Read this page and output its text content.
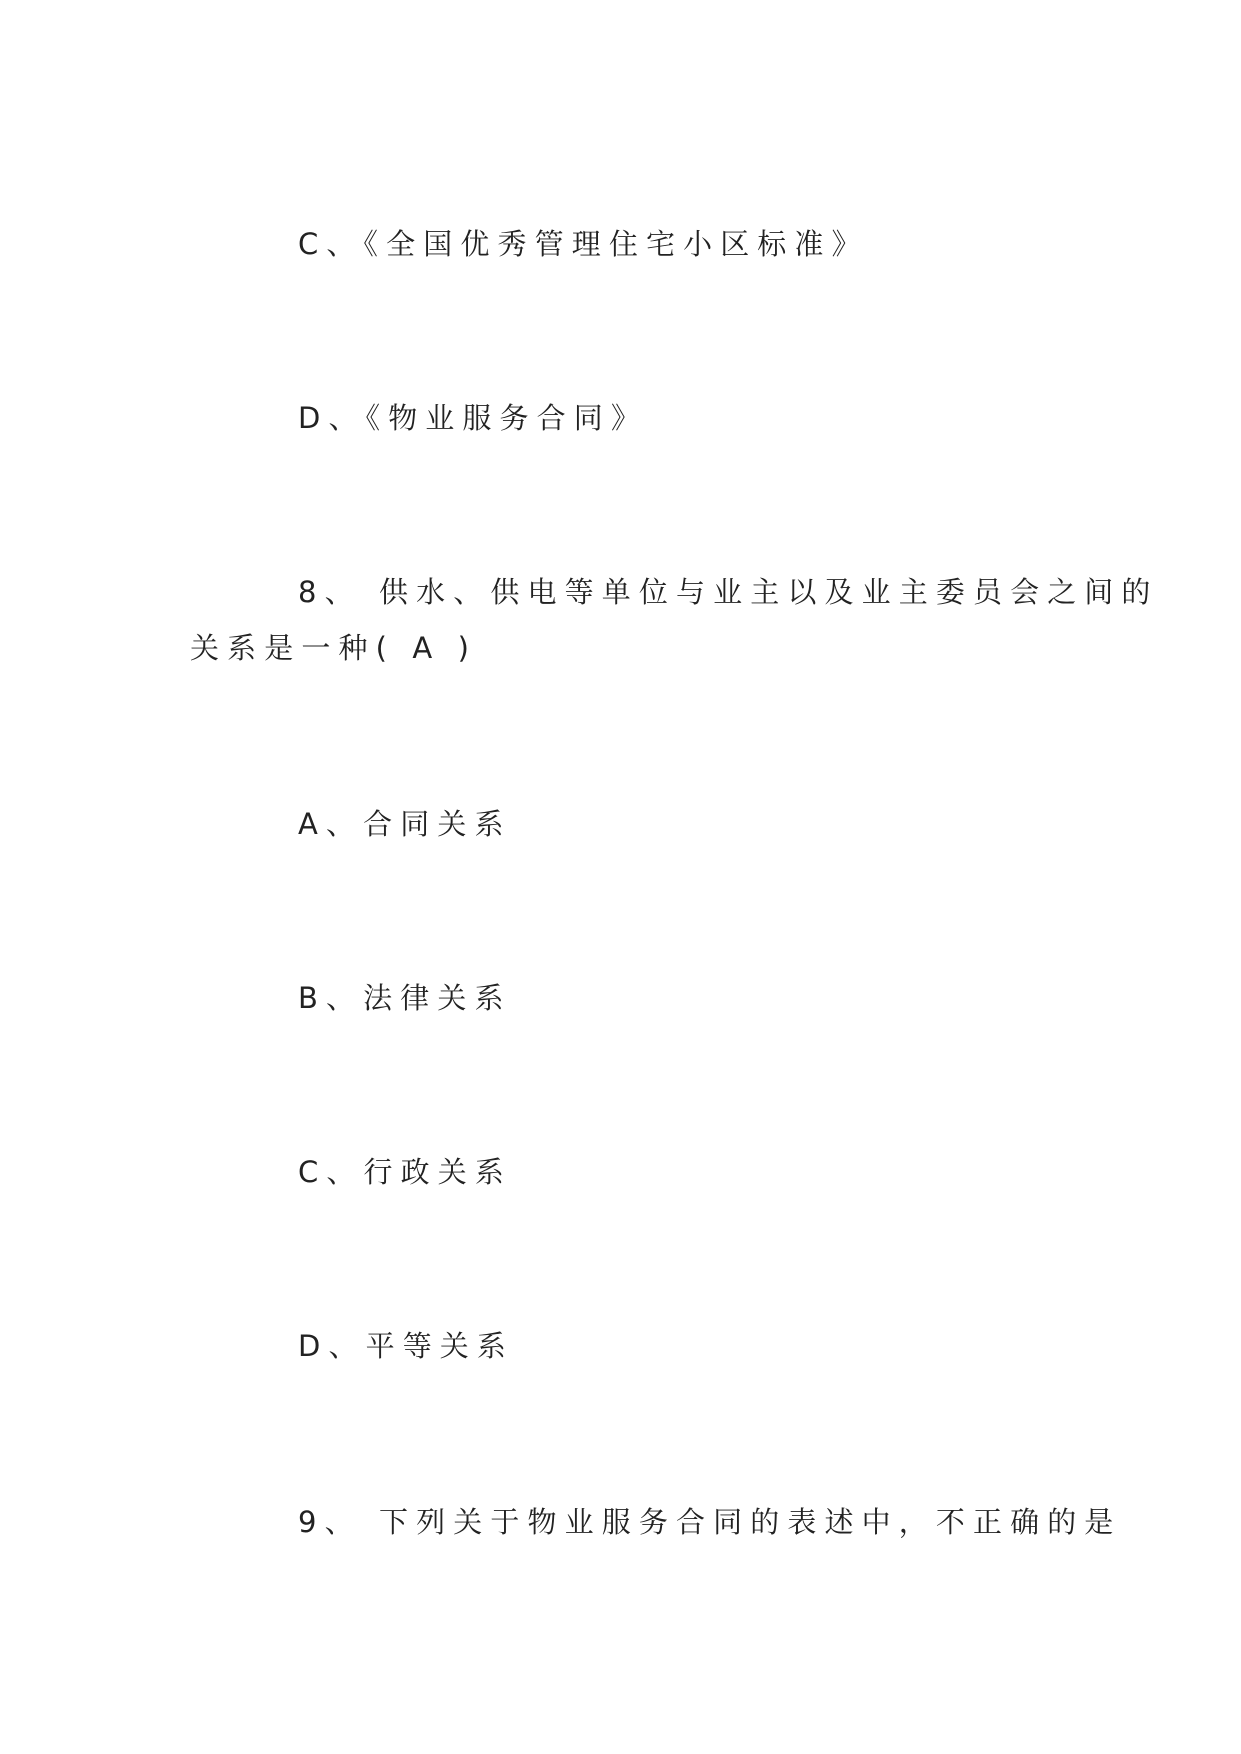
C、《全国优秀管理住宅小区标准》
D、《物业服务合同》
8、 供水、供电等单位与业主以及业主委员会之间的
关系是一种( A )
A、合同关系
B、法律关系
C、行政关系
D、平等关系
9、 下列关于物业服务合同的表述中，不正确的是
